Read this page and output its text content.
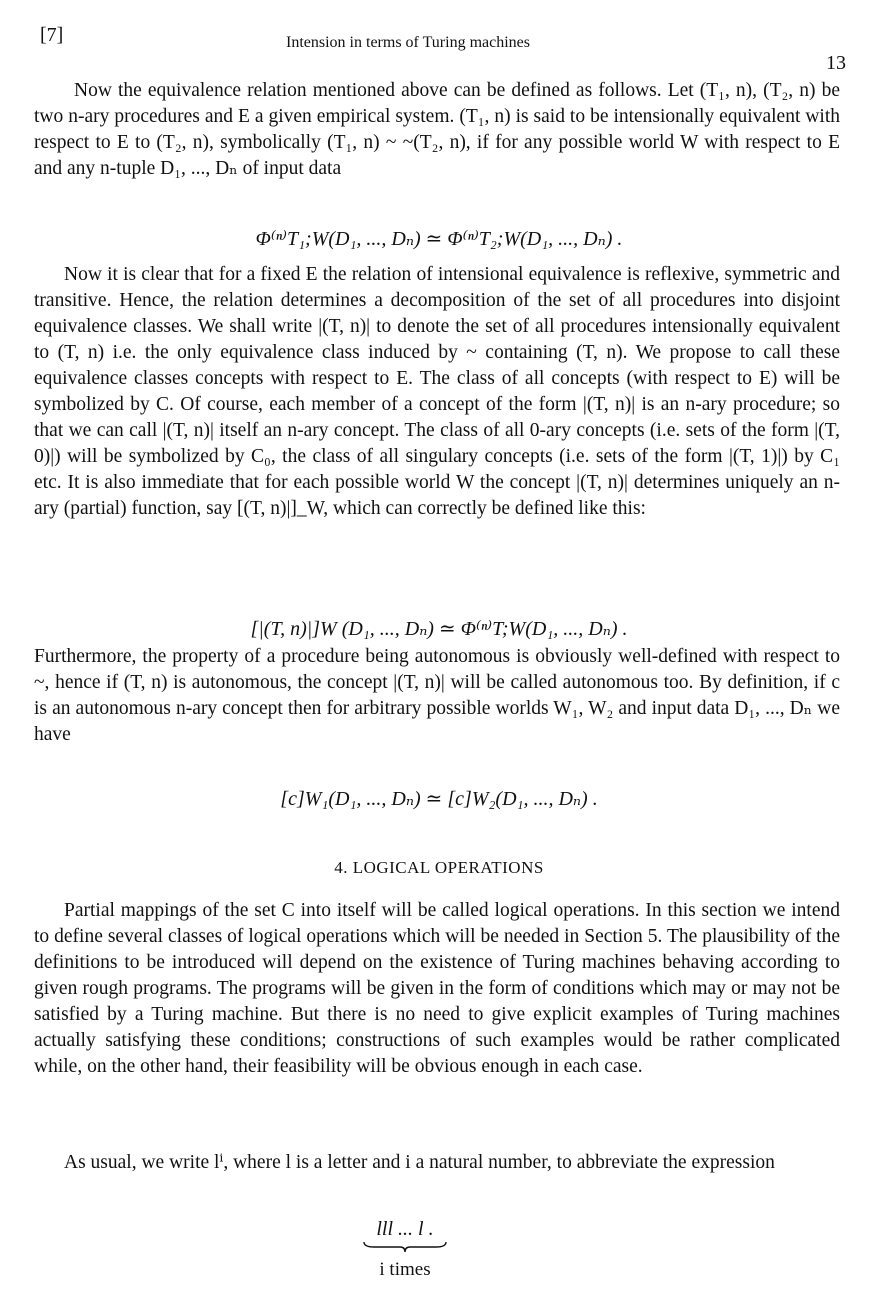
[7]	Intension in terms of Turing machines
13

Now the equivalence relation mentioned above can be defined as follows. Let (T₁, n), (T₂, n) be two n-ary procedures and E a given empirical system. (T₁, n) is said to be intensionally equivalent with respect to E to (T₂, n), symbolically (T₁, n) ~ ~(T₂, n), if for any possible world W with respect to E and any n-tuple D₁, ..., Dₙ of input data

Φ⁽ⁿ⁾T₁;W(D₁, ..., Dₙ) ≃ Φ⁽ⁿ⁾T₂;W(D₁, ..., Dₙ) .

Now it is clear that for a fixed E the relation of intensional equivalence is reflexive, symmetric and transitive. Hence, the relation determines a decomposition of the set of all procedures into disjoint equivalence classes. We shall write |(T, n)| to denote the set of all procedures intensionally equivalent to (T, n) i.e. the only equivalence class induced by ~ containing (T, n). We propose to call these equivalence classes concepts with respect to E. The class of all concepts (with respect to E) will be symbolized by C. Of course, each member of a concept of the form |(T, n)| is an n-ary procedure; so that we can call |(T, n)| itself an n-ary concept. The class of all 0-ary concepts (i.e. sets of the form |(T, 0)|) will be symbolized by C₀, the class of all singulary concepts (i.e. sets of the form |(T, 1)|) by C₁ etc. It is also immediate that for each possible world W the concept |(T, n)| determines uniquely an n-ary (partial) function, say [(T, n)|]_W, which can correctly be defined like this:

[|(T, n)|]W (D₁, ..., Dₙ) ≃ Φ⁽ⁿ⁾T;W(D₁, ..., Dₙ) .

Furthermore, the property of a procedure being autonomous is obviously well-defined with respect to ~, hence if (T, n) is autonomous, the concept |(T, n)| will be called autonomous too. By definition, if c is an autonomous n-ary concept then for arbitrary possible worlds W₁, W₂ and input data D₁, ..., Dₙ we have

[c]W₁(D₁, ..., Dₙ) ≃ [c]W₂(D₁, ..., Dₙ) .
4. LOGICAL OPERATIONS

Partial mappings of the set C into itself will be called logical operations. In this section we intend to define several classes of logical operations which will be needed in Section 5. The plausibility of the definitions to be introduced will depend on the existence of Turing machines behaving according to given rough programs. The programs will be given in the form of conditions which may or may not be satisfied by a Turing machine. But there is no need to give explicit examples of Turing machines actually satisfying these conditions; constructions of such examples would be rather complicated while, on the other hand, their feasibility will be obvious enough in each case.

As usual, we write lⁱ, where l is a letter and i a natural number, to abbreviate the expression

lll ... l .
i times
